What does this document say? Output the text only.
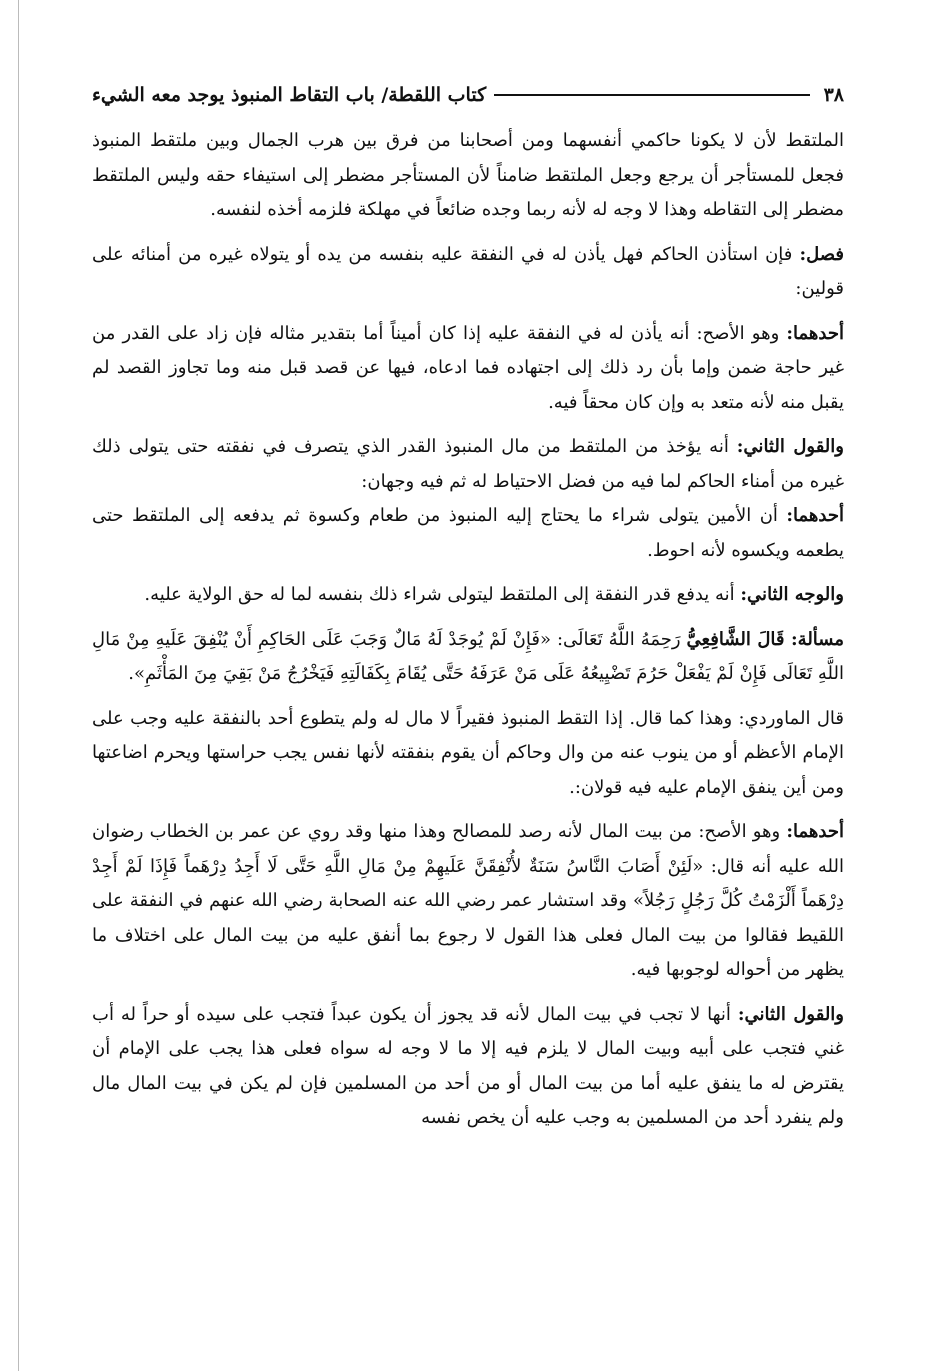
٣٨
كتاب اللقطة/ باب التقاط المنبوذ يوجد معه الشيء

الملتقط لأن لا يكونا حاكمي أنفسهما ومن أصحابنا من فرق بين هرب الجمال وبين ملتقط المنبوذ فجعل للمستأجر أن يرجع وجعل الملتقط ضامناً لأن المستأجر مضطر إلى استيفاء حقه وليس الملتقط مضطر إلى التقاطه وهذا لا وجه له لأنه ربما وجده ضائعاً في مهلكة فلزمه أخذه لنفسه.

فصل: فإن استأذن الحاكم فهل يأذن له في النفقة عليه بنفسه من يده أو يتولاه غيره من أمنائه على قولين:

أحدهما: وهو الأصح: أنه يأذن له في النفقة عليه إذا كان أميناً أما بتقدير مثاله فإن زاد على القدر من غير حاجة ضمن وإما بأن رد ذلك إلى اجتهاده فما ادعاه، فيها عن قصد قبل منه وما تجاوز القصد لم يقبل منه لأنه متعد به وإن كان محقاً فيه.

والقول الثاني: أنه يؤخذ من الملتقط من مال المنبوذ القدر الذي يتصرف في نفقته حتى يتولى ذلك غيره من أمناء الحاكم لما فيه من فضل الاحتياط له ثم فيه وجهان:

أحدهما: أن الأمين يتولى شراء ما يحتاج إليه المنبوذ من طعام وكسوة ثم يدفعه إلى الملتقط حتى يطعمه ويكسوه لأنه احوط.

والوجه الثاني: أنه يدفع قدر النفقة إلى الملتقط ليتولى شراء ذلك بنفسه لما له حق الولاية عليه.

مسألة: قَالَ الشَّافِعِيُّ رَحِمَهُ اللَّهُ تَعَالَى: «فَإِنْ لَمْ يُوجَدْ لَهُ مَالٌ وَجَبَ عَلَى الحَاكِمِ أَنْ يُنْفِقَ عَلَيهِ مِنْ مَالِ اللَّهِ تَعَالَى فَإِنْ لَمْ يَفْعَلْ حَرُمَ تَضْيِيعُهُ عَلَى مَنْ عَرَفَهُ حَتَّى يُقَامَ بِكَفَالَتِهِ فَيَخْرُجُ مَنْ بَقِيَ مِنَ المَأْثَمِ».

قال الماوردي: وهذا كما قال. إذا التقط المنبوذ فقيراً لا مال له ولم يتطوع أحد بالنفقة عليه وجب على الإمام الأعظم أو من ينوب عنه من وال وحاكم أن يقوم بنفقته لأنها نفس يجب حراستها ويحرم اضاعتها ومن أين ينفق الإمام عليه فيه قولان:.

أحدهما: وهو الأصح: من بيت المال لأنه رصد للمصالح وهذا منها وقد روي عن عمر بن الخطاب رضوان الله عليه أنه قال: «لَئِنْ أَصَابَ النَّاسُ سَنَةٌ لأُنْفِقَنَّ عَلَيهِمْ مِنْ مَالِ اللَّهِ حَتَّى لَا أَجِدُ دِرْهَماً فَإِذَا لَمْ أَجِدْ دِرْهَماً أَلْزَمْتُ كُلَّ رَجُلٍ رَجُلاً» وقد استشار عمر رضي الله عنه الصحابة رضي الله عنهم في النفقة على اللقيط فقالوا من بيت المال فعلى هذا القول لا رجوع بما أنفق عليه من بيت المال على اختلاف ما يظهر من أحواله لوجوبها فيه.

والقول الثاني: أنها لا تجب في بيت المال لأنه قد يجوز أن يكون عبداً فتجب على سيده أو حراً له أب غني فتجب على أبيه وبيت المال لا يلزم فيه إلا ما لا وجه له سواه فعلى هذا يجب على الإمام أن يقترض له ما ينفق عليه أما من بيت المال أو من أحد من المسلمين فإن لم يكن في بيت المال مال ولم ينفرد أحد من المسلمين به وجب عليه أن يخص نفسه
